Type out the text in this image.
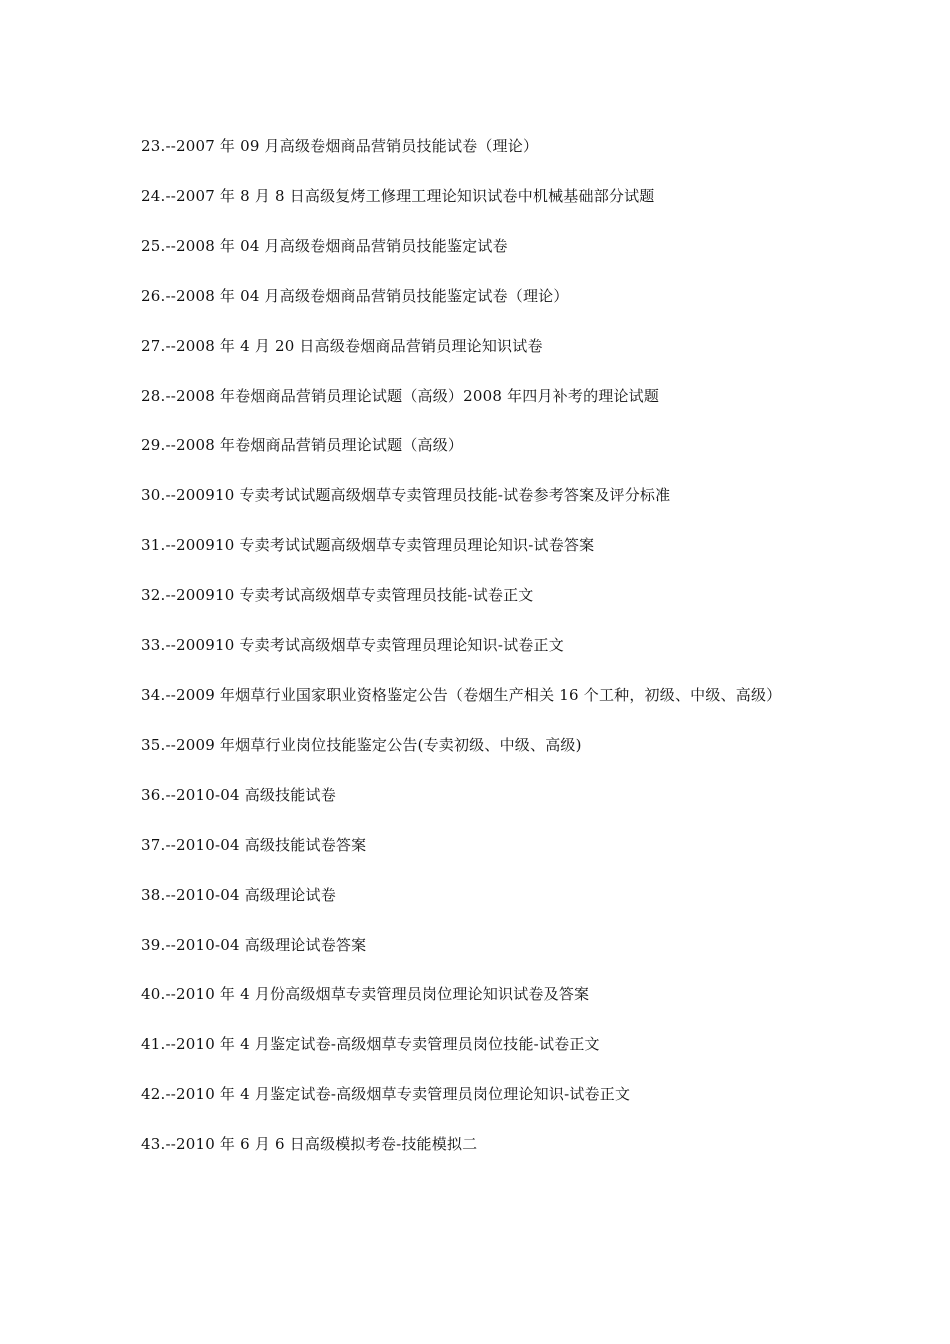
23.--2007 年 09 月高级卷烟商品营销员技能试卷（理论）
24.--2007 年 8 月 8 日高级复烤工修理工理论知识试卷中机械基础部分试题
25.--2008 年 04 月高级卷烟商品营销员技能鉴定试卷
26.--2008 年 04 月高级卷烟商品营销员技能鉴定试卷（理论）
27.--2008 年 4 月 20 日高级卷烟商品营销员理论知识试卷
28.--2008 年卷烟商品营销员理论试题（高级）2008 年四月补考的理论试题
29.--2008 年卷烟商品营销员理论试题（高级）
30.--200910 专卖考试试题高级烟草专卖管理员技能-试卷参考答案及评分标准
31.--200910 专卖考试试题高级烟草专卖管理员理论知识-试卷答案
32.--200910 专卖考试高级烟草专卖管理员技能-试卷正文
33.--200910 专卖考试高级烟草专卖管理员理论知识-试卷正文
34.--2009 年烟草行业国家职业资格鉴定公告（卷烟生产相关 16 个工种，初级、中级、高级）
35.--2009 年烟草行业岗位技能鉴定公告(专卖初级、中级、高级)
36.--2010-04 高级技能试卷
37.--2010-04 高级技能试卷答案
38.--2010-04 高级理论试卷
39.--2010-04 高级理论试卷答案
40.--2010 年 4 月份高级烟草专卖管理员岗位理论知识试卷及答案
41.--2010 年 4 月鉴定试卷-高级烟草专卖管理员岗位技能-试卷正文
42.--2010 年 4 月鉴定试卷-高级烟草专卖管理员岗位理论知识-试卷正文
43.--2010 年 6 月 6 日高级模拟考卷-技能模拟二
